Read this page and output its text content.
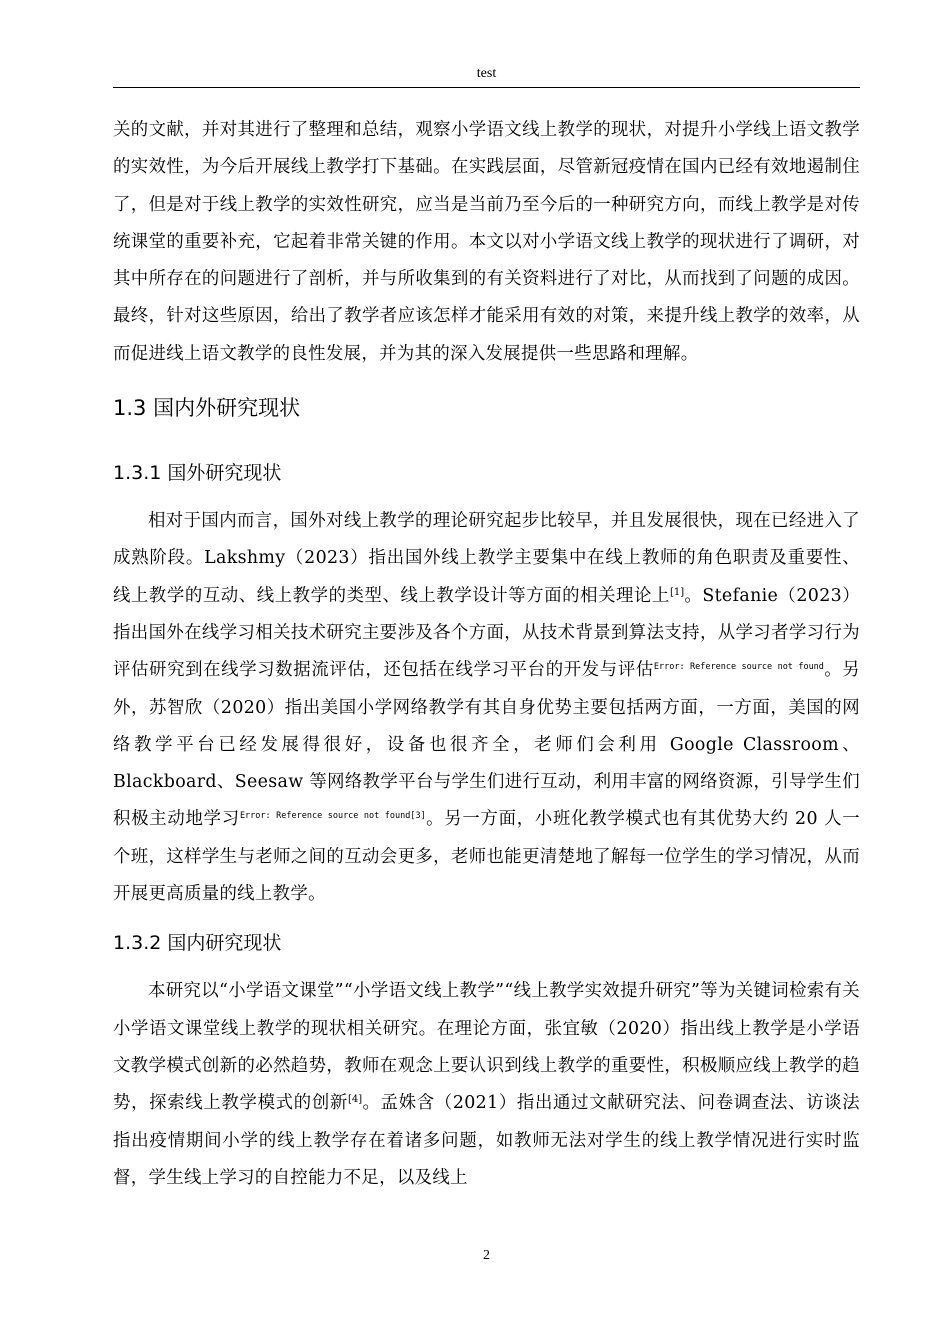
test

关的文献，并对其进行了整理和总结，观察小学语文线上教学的现状，对提升小学线上语文教学的实效性，为今后开展线上教学打下基础。在实践层面，尽管新冠疫情在国内已经有效地遏制住了，但是对于线上教学的实效性研究，应当是当前乃至今后的一种研究方向，而线上教学是对传统课堂的重要补充，它起着非常关键的作用。本文以对小学语文线上教学的现状进行了调研，对其中所存在的问题进行了剖析，并与所收集到的有关资料进行了对比，从而找到了问题的成因。最终，针对这些原因，给出了教学者应该怎样才能采用有效的对策，来提升线上教学的效率，从而促进线上语文教学的良性发展，并为其的深入发展提供一些思路和理解。

1.3 国内外研究现状
1.3.1 国外研究现状

相对于国内而言，国外对线上教学的理论研究起步比较早，并且发展很快，现在已经进入了成熟阶段。Lakshmy（2023）指出国外线上教学主要集中在线上教师的角色职责及重要性、线上教学的互动、线上教学的类型、线上教学设计等方面的相关理论上[1]。Stefanie（2023）指出国外在线学习相关技术研究主要涉及各个方面，从技术背景到算法支持，从学习者学习行为评估研究到在线学习数据流评估，还包括在线学习平台的开发与评估$^{Error: Reference source not found}$。另外，苏智欣（2020）指出美国小学网络教学有其自身优势主要包括两方面，一方面，美国的网络教学平台已经发展得很好，设备也很齐全，老师们会利用 Google Classroom、Blackboard、Seesaw 等网络教学平台与学生们进行互动，利用丰富的网络资源，引导学生们积极主动地学习$^{Error: Reference source not found[3]}$。另一方面，小班化教学模式也有其优势大约 20 人一个班，这样学生与老师之间的互动会更多，老师也能更清楚地了解每一位学生的学习情况，从而开展更高质量的线上教学。

1.3.2 国内研究现状

本研究以“小学语文课堂”“小学语文线上教学”“线上教学实效提升研究”等为关键词检索有关小学语文课堂线上教学的现状相关研究。在理论方面，张宜敏（2020）指出线上教学是小学语文教学模式创新的必然趋势，教师在观念上要认识到线上教学的重要性，积极顺应线上教学的趋势，探索线上教学模式的创新[4]。孟姝含（2021）指出通过文献研究法、问卷调查法、访谈法指出疫情期间小学的线上教学存在着诸多问题，如教师无法对学生的线上教学情况进行实时监督，学生线上学习的自控能力不足，以及线上

2
